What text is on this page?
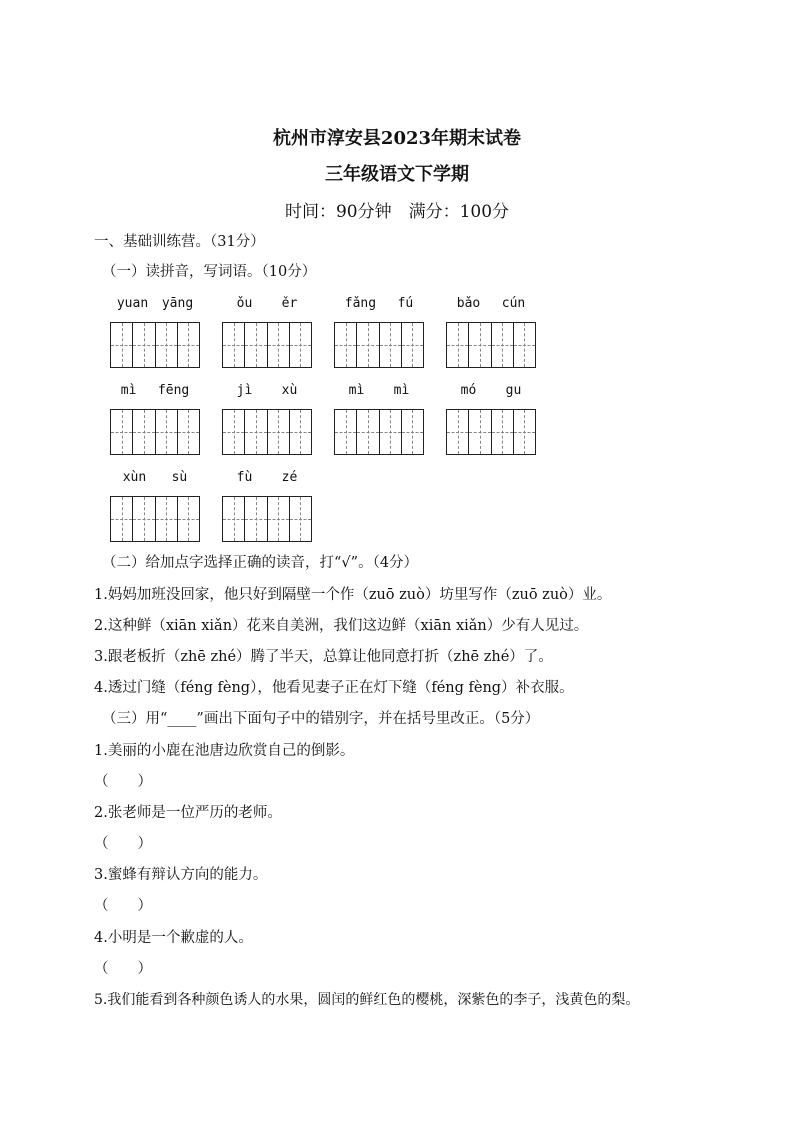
杭州市淳安县2023年期末试卷
三年级语文下学期
时间：90分钟　满分：100分
一、基础训练营。（31分）
（一）读拼音，写词语。（10分）
yuan yāng	ǒu ěr	fǎng fú	bǎo cún
mì fēng	jì xù	mì mì	mó gu
xùn sù	fù zé
（二）给加点字选择正确的读音，打“√”。（4分）
1.妈妈加班没回家，他只好到隔壁一个作（zuō zuò）坊里写作（zuō zuò）业。
2.这种鲜（xiān xiǎn）花来自美洲，我们这边鲜（xiān xiǎn）少有人见过。
3.跟老板折（zhē zhé）腾了半天，总算让他同意打折（zhē zhé）了。
4.透过门缝（féng fèng），他看见妻子正在灯下缝（féng fèng）补衣服。
（三）用“____”画出下面句子中的错别字，并在括号里改正。（5分）
1.美丽的小鹿在池唐边欣赏自己的倒影。
（　　）
2.张老师是一位严历的老师。
（　　）
3.蜜蜂有辩认方向的能力。
（　　）
4.小明是一个歉虚的人。
（　　）
5.我们能看到各种颜色诱人的水果，圆闰的鲜红色的樱桃，深紫色的李子，浅黄色的梨。
